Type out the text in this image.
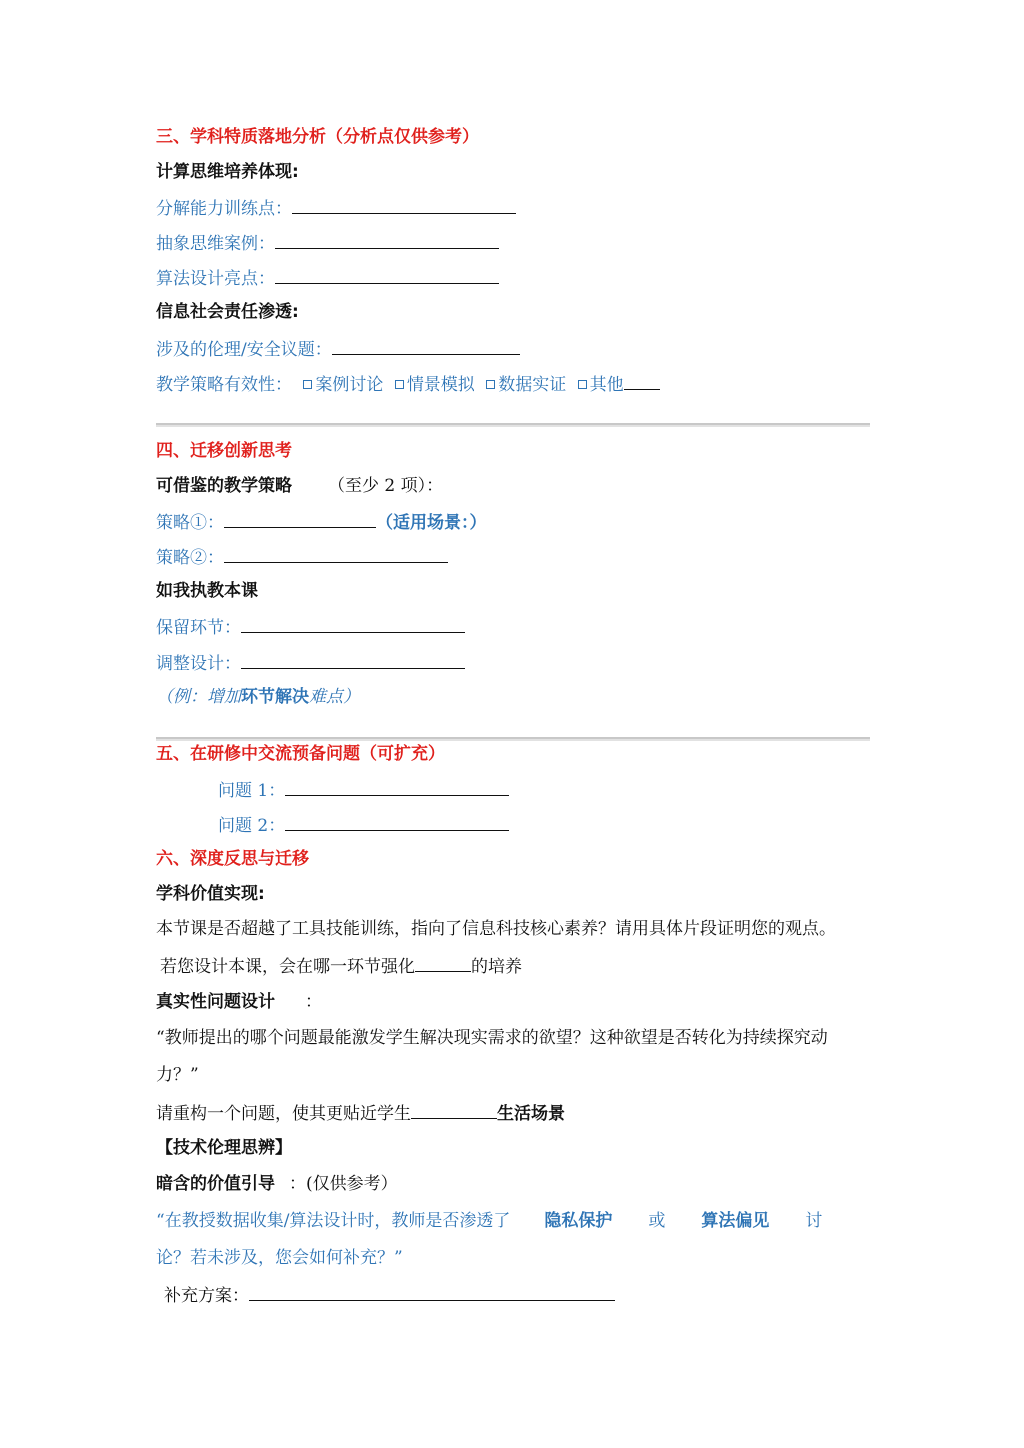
三、学科特质落地分析（分析点仅供参考）
计算思维培养体现:
分解能力训练点：
抽象思维案例：
算法设计亮点：
信息社会责任渗透:
涉及的伦理/安全议题：
教学策略有效性： 案例讨论 情景模拟 数据实证 其他
四、迁移创新思考
可借鉴的教学策略 （至少 2 项）：
策略①：	（适用场景：）
策略②：
如我执教本课
保留环节：
调整设计：
（例：增加环节解决难点）
五、在研修中交流预备问题（可扩充）
问题 1：
问题 2：
六、深度反思与迁移
学科价值实现:
本节课是否超越了工具技能训练，指向了信息科技核心素养？请用具体片段证明您的观点。
若您设计本课，会在哪一环节强化	的培养
真实性问题设计 ：
“教师提出的哪个问题最能激发学生解决现实需求的欲望？这种欲望是否转化为持续探究动
力？”
请重构一个问题，使其更贴近学生	生活场景
【技术伦理思辨】
暗含的价值引导 ：(仅供参考）
“在教授数据收集/算法设计时，教师是否渗透了 隐私保护 或 算法偏见 讨
论？若未涉及，您会如何补充？”
补充方案：
